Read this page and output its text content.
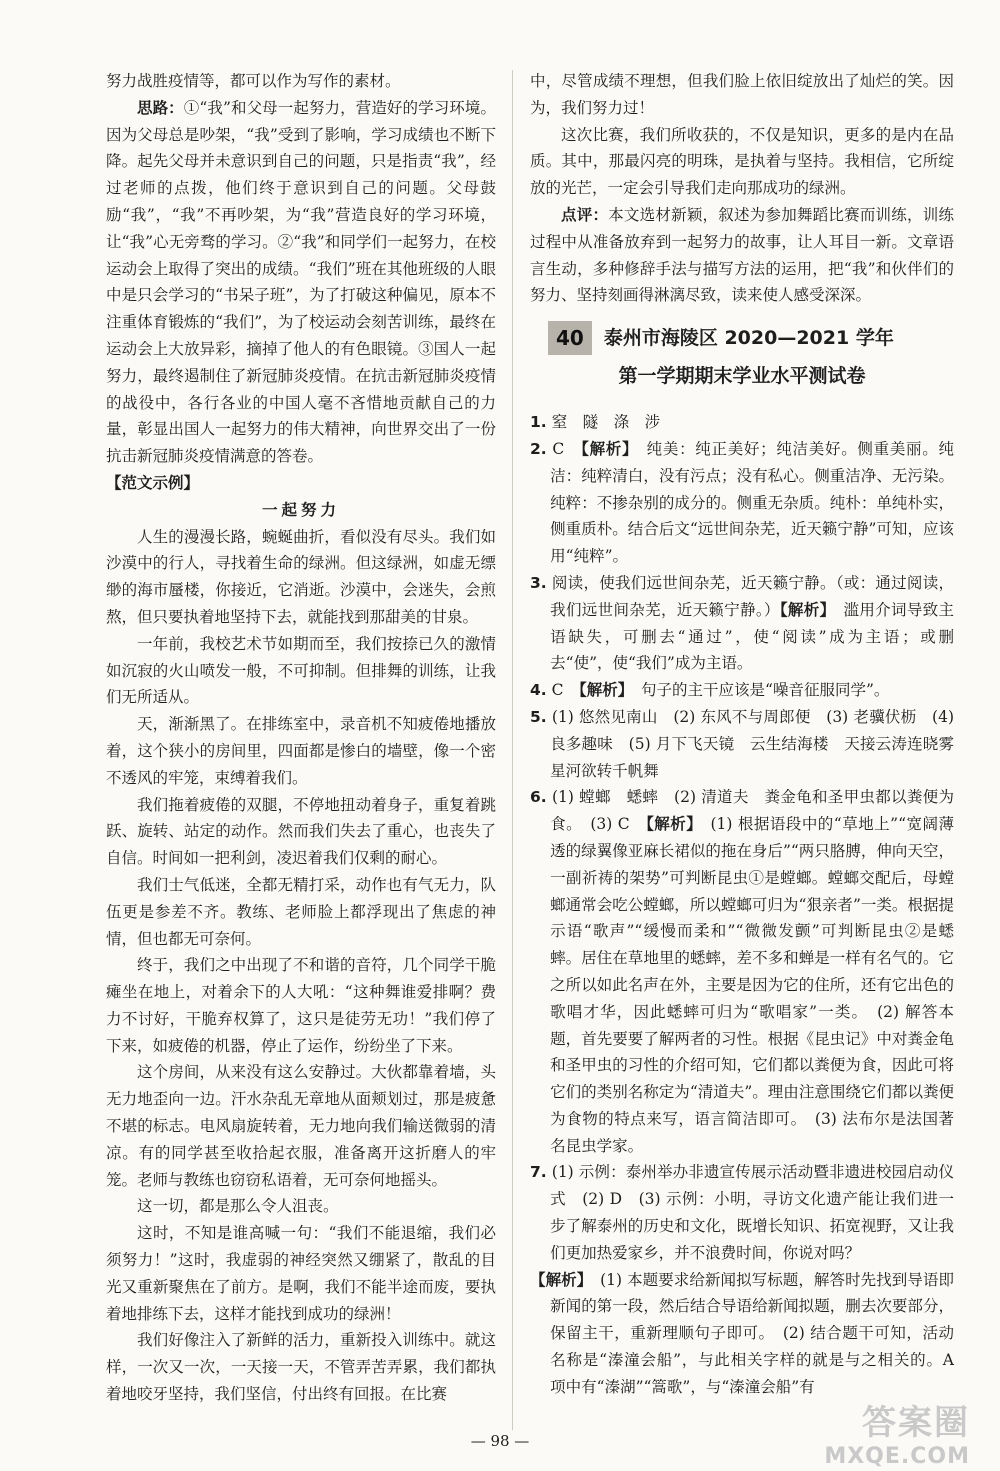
努力战胜疫情等，都可以作为写作的素材。

思路：①“我”和父母一起努力，营造好的学习环境。因为父母总是吵架，“我”受到了影响，学习成绩也不断下降。起先父母并未意识到自己的问题，只是指责“我”，经过老师的点拨，他们终于意识到自己的问题。父母鼓励“我”，“我”不再吵架，为“我”营造良好的学习环境，让“我”心无旁骛的学习。②“我”和同学们一起努力，在校运动会上取得了突出的成绩。“我们”班在其他班级的人眼中是只会学习的“书呆子班”，为了打破这种偏见，原本不注重体育锻炼的“我们”，为了校运动会刻苦训练，最终在运动会上大放异彩，摘掉了他人的有色眼镜。③国人一起努力，最终遏制住了新冠肺炎疫情。在抗击新冠肺炎疫情的战役中，各行各业的中国人毫不吝惜地贡献自己的力量，彰显出国人一起努力的伟大精神，向世界交出了一份抗击新冠肺炎疫情满意的答卷。

【范文示例】

一起努力

人生的漫漫长路，蜿蜒曲折，看似没有尽头。我们如沙漠中的行人，寻找着生命的绿洲。但这绿洲，如虚无缥缈的海市蜃楼，你接近，它消逝。沙漠中，会迷失，会煎熬，但只要执着地坚持下去，就能找到那甜美的甘泉。

一年前，我校艺术节如期而至，我们按捺已久的激情如沉寂的火山喷发一般，不可抑制。但排舞的训练，让我们无所适从。

天，渐渐黑了。在排练室中，录音机不知疲倦地播放着，这个狭小的房间里，四面都是惨白的墙壁，像一个密不透风的牢笼，束缚着我们。

我们拖着疲倦的双腿，不停地扭动着身子，重复着跳跃、旋转、站定的动作。然而我们失去了重心，也丧失了自信。时间如一把利剑，凌迟着我们仅剩的耐心。

我们士气低迷，全都无精打采，动作也有气无力，队伍更是参差不齐。教练、老师脸上都浮现出了焦虑的神情，但也都无可奈何。

终于，我们之中出现了不和谐的音符，几个同学干脆瘫坐在地上，对着余下的人大吼：“这种舞谁爱排啊？费力不讨好，干脆弃权算了，这只是徒劳无功！”我们停了下来，如疲倦的机器，停止了运作，纷纷坐了下来。

这个房间，从来没有这么安静过。大伙都靠着墙，头无力地歪向一边。汗水杂乱无章地从面颊划过，那是疲惫不堪的标志。电风扇旋转着，无力地向我们输送微弱的清凉。有的同学甚至收拾起衣服，准备离开这折磨人的牢笼。老师与教练也窃窃私语着，无可奈何地摇头。

这一切，都是那么令人沮丧。

这时，不知是谁高喊一句：“我们不能退缩，我们必须努力！”这时，我虚弱的神经突然又绷紧了，散乱的目光又重新聚焦在了前方。是啊，我们不能半途而废，要执着地排练下去，这样才能找到成功的绿洲！

我们好像注入了新鲜的活力，重新投入训练中。就这样，一次又一次，一天接一天，不管弄苦弄累，我们都执着地咬牙坚持，我们坚信，付出终有回报。在比赛

中，尽管成绩不理想，但我们脸上依旧绽放出了灿烂的笑。因为，我们努力过！

这次比赛，我们所收获的，不仅是知识，更多的是内在品质。其中，那最闪亮的明珠，是执着与坚持。我相信，它所绽放的光芒，一定会引导我们走向那成功的绿洲。

点评：本文选材新颖，叙述为参加舞蹈比赛而训练，训练过程中从准备放弃到一起努力的故事，让人耳目一新。文章语言生动，多种修辞手法与描写方法的运用，把“我”和伙伴们的努力、坚持刻画得淋漓尽致，读来使人感受深深。

40	泰州市海陵区 2020—2021 学年
第一学期期末学业水平测试卷

1. 窒　隧　涤　涉

2. C　【解析】　纯美：纯正美好；纯洁美好。侧重美丽。纯洁：纯粹清白，没有污点；没有私心。侧重洁净、无污染。纯粹：不掺杂别的成分的。侧重无杂质。纯朴：单纯朴实，侧重质朴。结合后文“远世间杂芜，近天籁宁静”可知，应该用“纯粹”。

3. 阅读，使我们远世间杂芜，近天籁宁静。（或：通过阅读，我们远世间杂芜，近天籁宁静。）【解析】　滥用介词导致主语缺失，可删去“通过”，使“阅读”成为主语；或删去“使”，使“我们”成为主语。

4. C　【解析】　句子的主干应该是“噪音征服同学”。

5. (1) 悠然见南山　(2) 东风不与周郎便　(3) 老骥伏枥　(4) 良多趣味　(5) 月下飞天镜　云生结海楼　天接云涛连晓雾　星河欲转千帆舞

6. (1) 螳螂　蟋蟀　(2) 清道夫　粪金龟和圣甲虫都以粪便为食。　(3) C　【解析】　(1) 根据语段中的“草地上”“宽阔薄透的绿翼像亚麻长裙似的拖在身后”“两只胳膊，伸向天空，一副祈祷的架势”可判断昆虫①是螳螂。螳螂交配后，母螳螂通常会吃公螳螂，所以螳螂可归为“狠亲者”一类。根据提示语“歌声”“缓慢而柔和”“微微发颤”可判断昆虫②是蟋蟀。居住在草地里的蟋蟀，差不多和蝉是一样有名气的。它之所以如此名声在外，主要是因为它的住所，还有它出色的歌唱才华，因此蟋蟀可归为“歌唱家”一类。　(2) 解答本题，首先要要了解两者的习性。根据《昆虫记》中对粪金龟和圣甲虫的习性的介绍可知，它们都以粪便为食，因此可将它们的类别名称定为“清道夫”。理由注意围绕它们都以粪便为食物的特点来写，语言简洁即可。　(3) 法布尔是法国著名昆虫学家。

7. (1) 示例：泰州举办非遗宣传展示活动暨非遗进校园启动仪式　(2) D　(3) 示例：小明，寻访文化遗产能让我们进一步了解泰州的历史和文化，既增长知识、拓宽视野，又让我们更加热爱家乡，并不浪费时间，你说对吗？

【解析】　(1) 本题要求给新闻拟写标题，解答时先找到导语即新闻的第一段，然后结合导语给新闻拟题，删去次要部分，保留主干，重新理顺句子即可。　(2) 结合题干可知，活动名称是“溱潼会船”，与此相关字样的就是与之相关的。A 项中有“溱湖”“篙歌”，与“溱潼会船”有

— 98 —	答案圈
MXQE.COM
